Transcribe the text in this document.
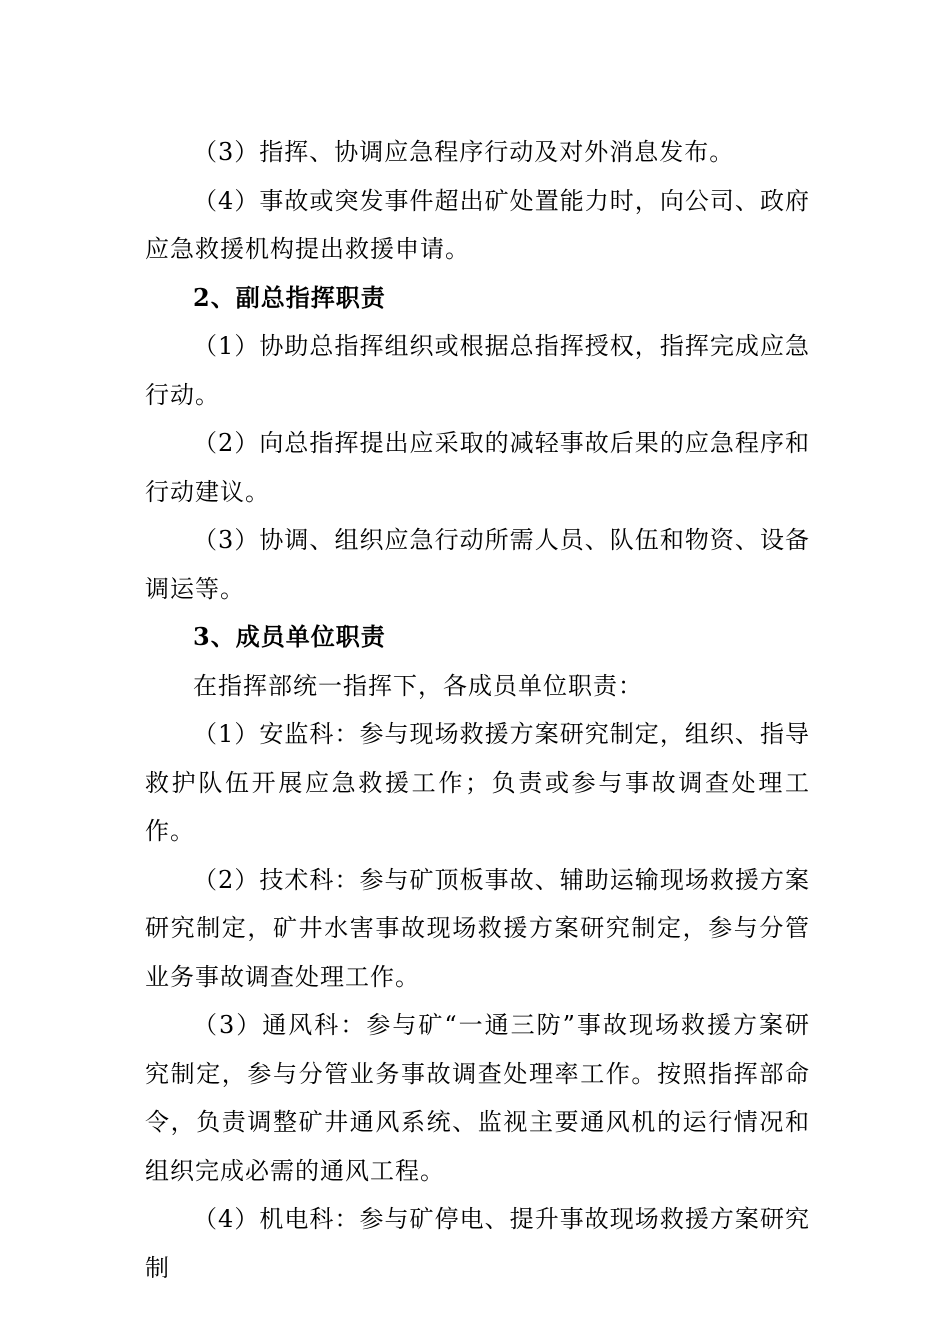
（3）指挥、协调应急程序行动及对外消息发布。

（4）事故或突发事件超出矿处置能力时，向公司、政府应急救援机构提出救援申请。

2、副总指挥职责

（1）协助总指挥组织或根据总指挥授权，指挥完成应急行动。

（2）向总指挥提出应采取的减轻事故后果的应急程序和行动建议。

（3）协调、组织应急行动所需人员、队伍和物资、设备调运等。

3、成员单位职责

在指挥部统一指挥下，各成员单位职责：

（1）安监科：参与现场救援方案研究制定，组织、指导救护队伍开展应急救援工作；负责或参与事故调查处理工作。

（2）技术科：参与矿顶板事故、辅助运输现场救援方案研究制定，矿井水害事故现场救援方案研究制定，参与分管业务事故调查处理工作。

（3）通风科：参与矿“一通三防”事故现场救援方案研究制定，参与分管业务事故调查处理率工作。按照指挥部命令，负责调整矿井通风系统、监视主要通风机的运行情况和组织完成必需的通风工程。

（4）机电科：参与矿停电、提升事故现场救援方案研究制
